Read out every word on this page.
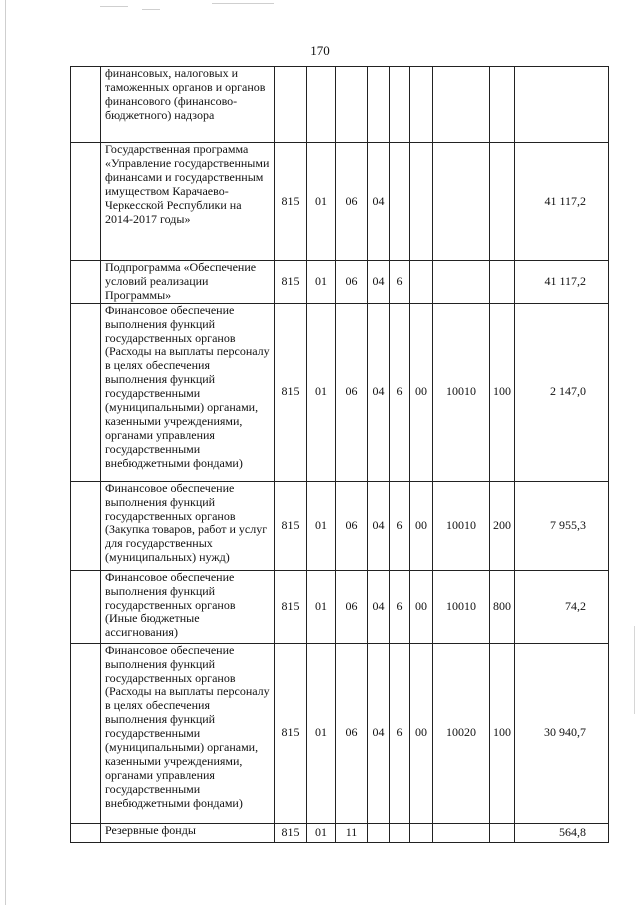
170

	финансовых, налоговых и таможенных органов и органов финансового (финансово-бюджетного) надзора									

	Государственная программа «Управление государственными финансами и государственным имуществом Карачаево-Черкесской Республики на 2014-2017 годы»	815	01	06	04					41 117,2

	Подпрограмма «Обеспечение условий реализации Программы»	815	01	06	04	6				41 117,2

	Финансовое обеспечение выполнения функций государственных органов (Расходы на выплаты персоналу в целях обеспечения выполнения функций государственными (муниципальными) органами, казенными учреждениями, органами управления государственными внебюджетными фондами)	815	01	06	04	6	00	10010	100	2 147,0

	Финансовое обеспечение выполнения функций государственных органов (Закупка товаров, работ и услуг для государственных (муниципальных) нужд)	815	01	06	04	6	00	10010	200	7 955,3

	Финансовое обеспечение выполнения функций государственных органов (Иные бюджетные ассигнования)	815	01	06	04	6	00	10010	800	74,2

	Финансовое обеспечение выполнения функций государственных органов (Расходы на выплаты персоналу в целях обеспечения выполнения функций государственными (муниципальными) органами, казенными учреждениями, органами управления государственными внебюджетными фондами)	815	01	06	04	6	00	10020	100	30 940,7

	Резервные фонды	815	01	11						564,8
